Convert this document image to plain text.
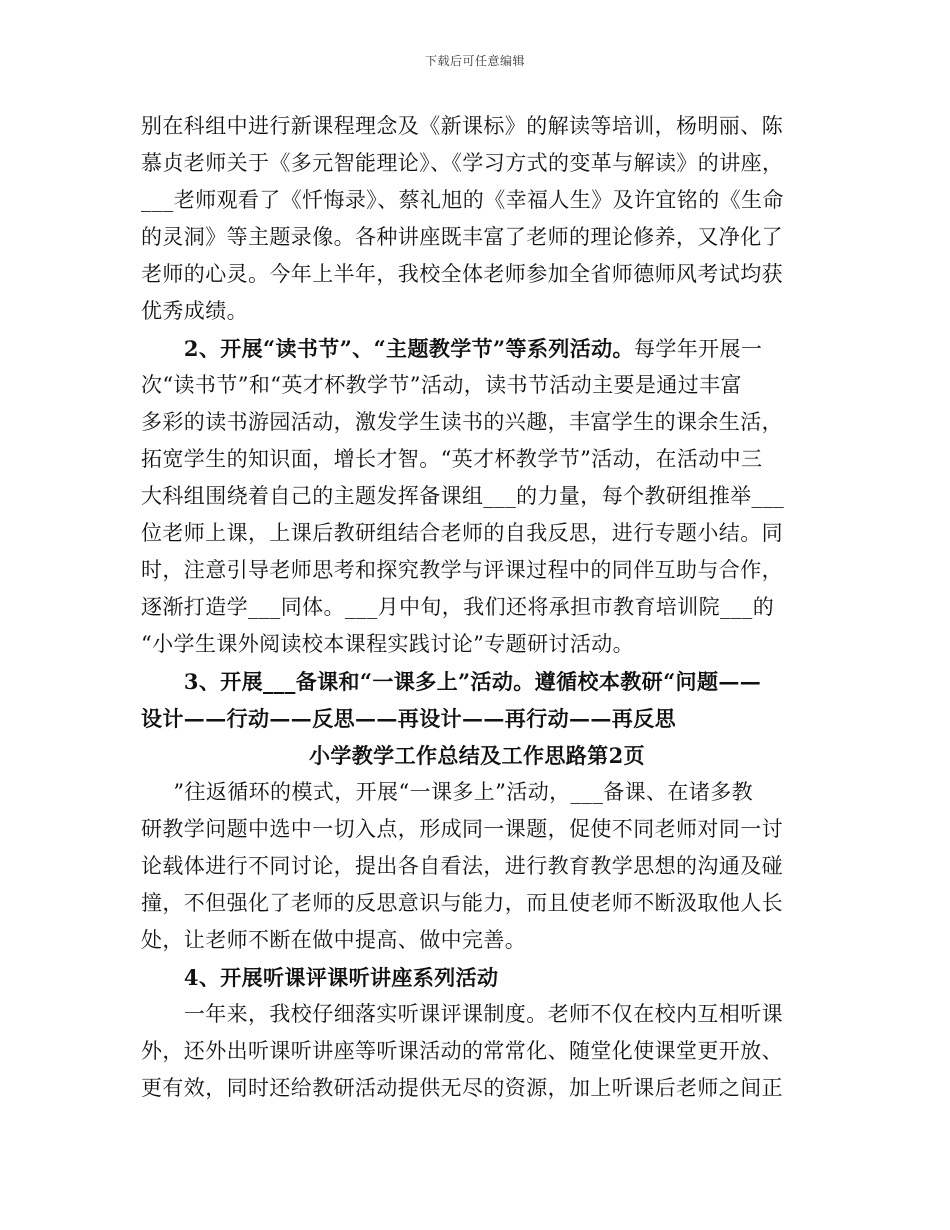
下载后可任意编辑
别在科组中进行新课程理念及《新课标》的解读等培训，杨明丽、陈
慕贞老师关于《多元智能理论》、《学习方式的变革与解读》的讲座，
___老师观看了《忏悔录》、蔡礼旭的《幸福人生》及许宜铭的《生命
的灵洞》等主题录像。各种讲座既丰富了老师的理论修养，又净化了
老师的心灵。今年上半年，我校全体老师参加全省师德师风考试均获
优秀成绩。
  2、开展“读书节”、“主题教学节”等系列活动。每学年开展一
次“读书节”和“英才杯教学节”活动，读书节活动主要是通过丰富
多彩的读书游园活动，激发学生读书的兴趣，丰富学生的课余生活，
拓宽学生的知识面，增长才智。“英才杯教学节”活动，在活动中三
大科组围绕着自己的主题发挥备课组___的力量，每个教研组推举___
位老师上课，上课后教研组结合老师的自我反思，进行专题小结。同
时，注意引导老师思考和探究教学与评课过程中的同伴互助与合作，
逐渐打造学___同体。___月中旬，我们还将承担市教育培训院___的
“小学生课外阅读校本课程实践讨论”专题研讨活动。
  3、开展___备课和“一课多上”活动。遵循校本教研“问题——
设计——行动——反思——再设计——再行动——再反思
小学教学工作总结及工作思路第2页
  ”往返循环的模式，开展“一课多上”活动，___备课、在诸多教
研教学问题中选中一切入点，形成同一课题，促使不同老师对同一讨
论载体进行不同讨论，提出各自看法，进行教育教学思想的沟通及碰
撞，不但强化了老师的反思意识与能力，而且使老师不断汲取他人长
处，让老师不断在做中提高、做中完善。
  4、开展听课评课听讲座系列活动
  一年来，我校仔细落实听课评课制度。老师不仅在校内互相听课
外，还外出听课听讲座等听课活动的常常化、随堂化使课堂更开放、
更有效，同时还给教研活动提供无尽的资源，加上听课后老师之间正
